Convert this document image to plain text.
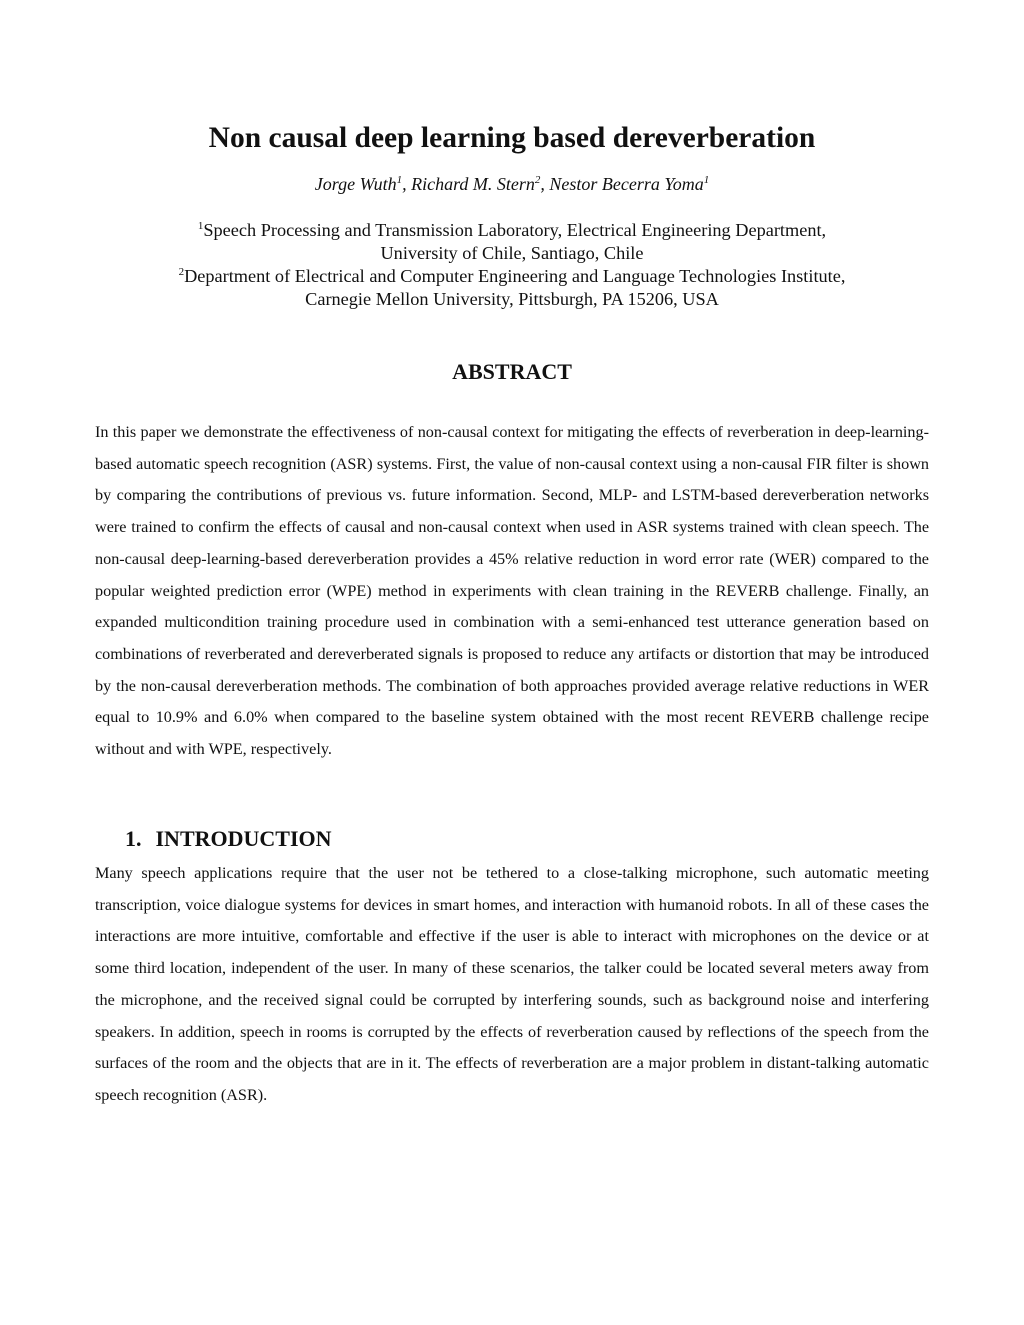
Non causal deep learning based dereverberation
Jorge Wuth$^1$, Richard M. Stern$^2$, Nestor Becerra Yoma$^1$
$^1$Speech Processing and Transmission Laboratory, Electrical Engineering Department,
University of Chile, Santiago, Chile
$^2$Department of Electrical and Computer Engineering and Language Technologies Institute,
Carnegie Mellon University, Pittsburgh, PA 15206, USA
ABSTRACT

In this paper we demonstrate the effectiveness of non-causal context for mitigating the effects of reverberation in deep-learning-based automatic speech recognition (ASR) systems. First, the value of non-causal context using a non-causal FIR filter is shown by comparing the contributions of previous vs. future information. Second, MLP- and LSTM-based dereverberation networks were trained to confirm the effects of causal and non-causal context when used in ASR systems trained with clean speech. The non-causal deep-learning-based dereverberation provides a 45% relative reduction in word error rate (WER) compared to the popular weighted prediction error (WPE) method in experiments with clean training in the REVERB challenge. Finally, an expanded multicondition training procedure used in combination with a semi-enhanced test utterance generation based on combinations of reverberated and dereverberated signals is proposed to reduce any artifacts or distortion that may be introduced by the non-causal dereverberation methods. The combination of both approaches provided average relative reductions in WER equal to 10.9% and 6.0% when compared to the baseline system obtained with the most recent REVERB challenge recipe without and with WPE, respectively.

1. INTRODUCTION

Many speech applications require that the user not be tethered to a close-talking microphone, such automatic meeting transcription, voice dialogue systems for devices in smart homes, and interaction with humanoid robots. In all of these cases the interactions are more intuitive, comfortable and effective if the user is able to interact with microphones on the device or at some third location, independent of the user. In many of these scenarios, the talker could be located several meters away from the microphone, and the received signal could be corrupted by interfering sounds, such as background noise and interfering speakers. In addition, speech in rooms is corrupted by the effects of reverberation caused by reflections of the speech from the surfaces of the room and the objects that are in it. The effects of reverberation are a major problem in distant-talking automatic speech recognition (ASR).
